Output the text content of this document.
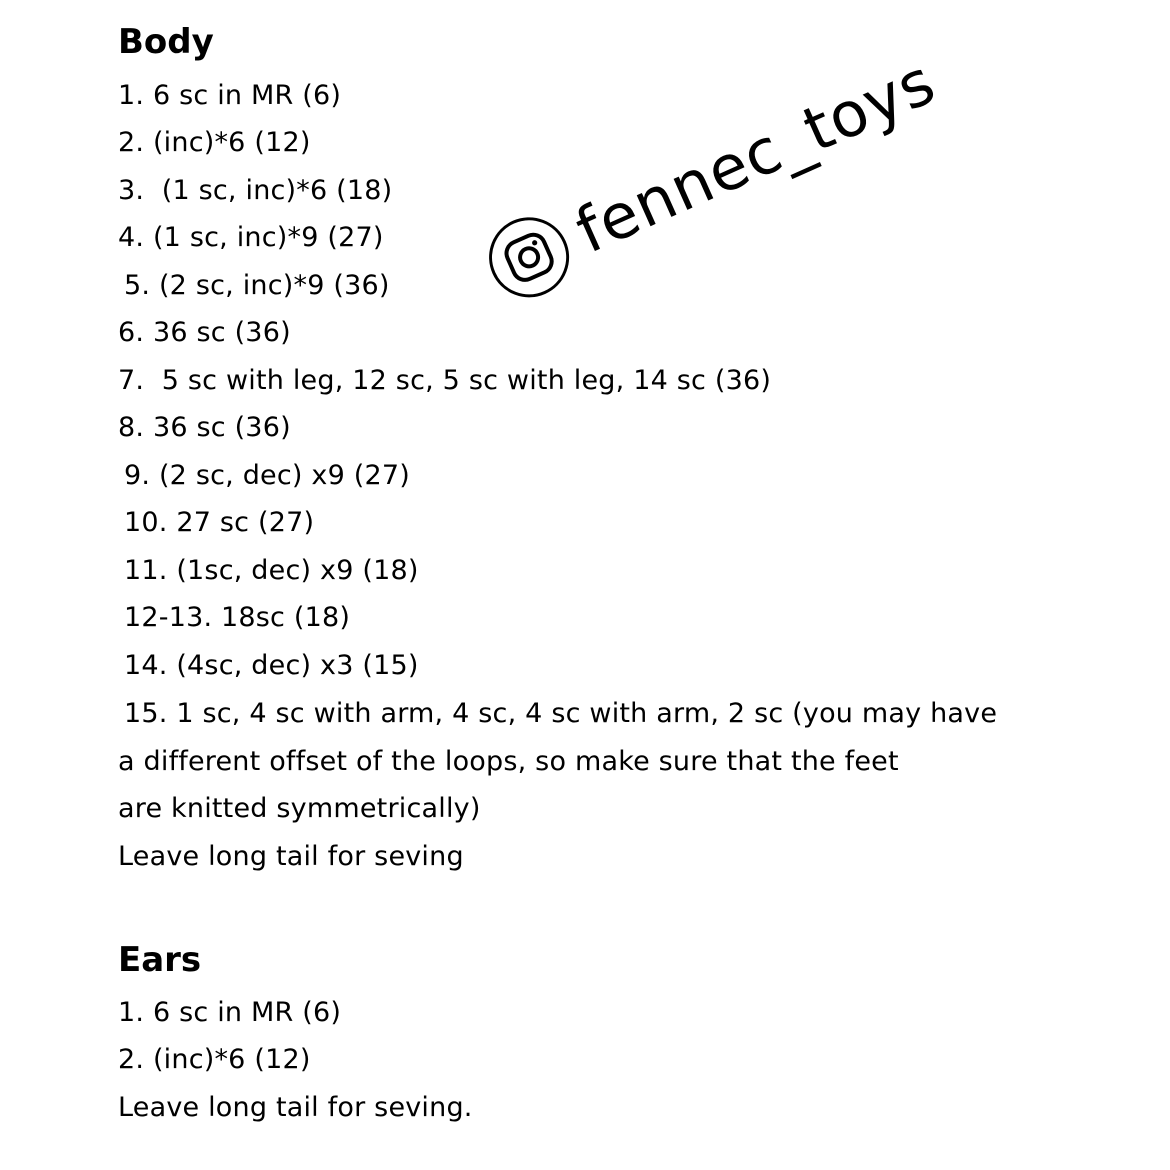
Body
1. 6 sc in MR (6)
2. (inc)*6 (12)
3.  (1 sc, inc)*6 (18)
4. (1 sc, inc)*9 (27)
5. (2 sc, inc)*9 (36)
6. 36 sc (36)
7.  5 sc with leg, 12 sc, 5 sc with leg, 14 sc (36)
8. 36 sc (36)
9. (2 sc, dec) x9 (27)
10. 27 sc (27)
11. (1sc, dec) x9 (18)
12-13. 18sc (18)
14. (4sc, dec) x3 (15)
15. 1 sc, 4 sc with arm, 4 sc, 4 sc with arm, 2 sc (you may have
a different offset of the loops, so make sure that the feet
are knitted symmetrically)
Leave long tail for seving
Ears
1. 6 sc in MR (6)
2. (inc)*6 (12)
Leave long tail for seving.
fennec_toys
